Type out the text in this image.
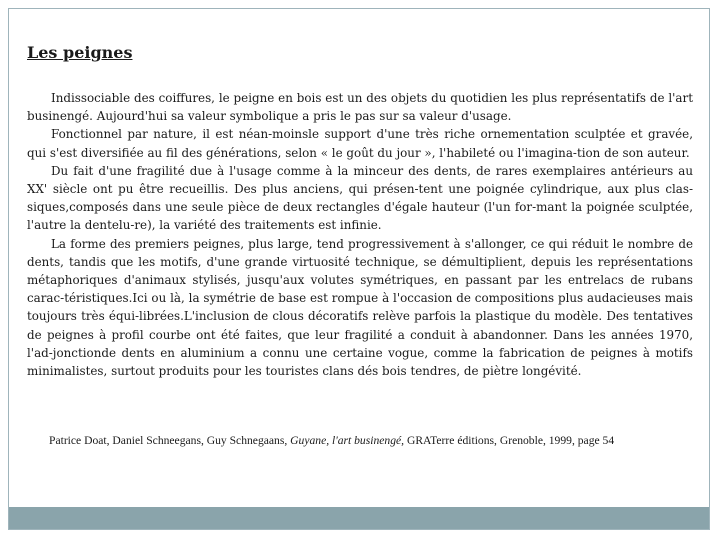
Les peignes

Indissociable des coiffures, le peigne en bois est un des objets du quotidien les plus représentatifs de l'art businengé. Aujourd'hui sa valeur symbolique a pris le pas sur sa valeur d'usage.

Fonctionnel par nature, il est néan-moinsle support d'une très riche ornementation sculptée et gravée, qui s'est diversifiée au fil des générations, selon « le goût du jour », l'habileté ou l'imagina-tion de son auteur.

Du fait d'une fragilité due à l'usage comme à la minceur des dents, de rares exemplaires antérieurs au XX' siècle ont pu être recueillis. Des plus anciens, qui présen-tent une poignée cylindrique, aux plus clas-siques,composés dans une seule pièce de deux rectangles d'égale hauteur (l'un for-mant la poignée sculptée, l'autre la dentelu-re), la variété des traitements est infinie.

La forme des premiers peignes, plus large, tend progressivement à s'allonger, ce qui réduit le nombre de dents, tandis que les motifs, d'une grande virtuosité technique, se démultiplient, depuis les représentations métaphoriques d'animaux stylisés, jusqu'aux volutes symétriques, en passant par les entrelacs de rubans carac-téristiques.Ici ou là, la symétrie de base est rompue à l'occasion de compositions plus audacieuses mais toujours très équi-librées.L'inclusion de clous décoratifs relève parfois la plastique du modèle. Des tentatives de peignes à profil courbe ont été faites, que leur fragilité a conduit à abandonner. Dans les années 1970, l'ad-jonctionde dents en aluminium a connu une certaine vogue, comme la fabrication de peignes à motifs minimalistes, surtout produits pour les touristes clans dés bois tendres, de piètre longévité.

Patrice Doat, Daniel Schneegans, Guy Schnegaans, Guyane, l'art businengé, GRATerre éditions, Grenoble, 1999, page 54
